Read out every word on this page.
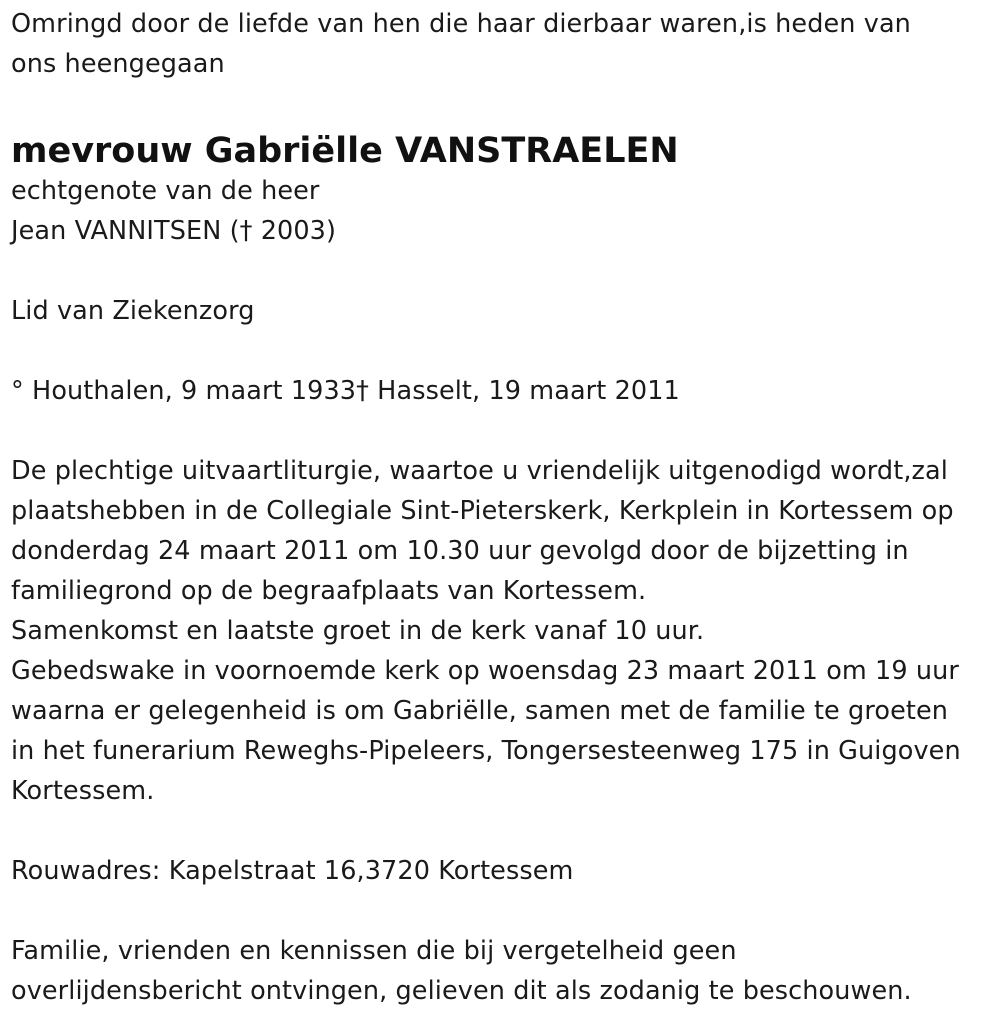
Omringd door de liefde van hen die haar dierbaar waren,is heden van
ons heengegaan
mevrouw Gabriëlle VANSTRAELEN
echtgenote van de heer
Jean VANNITSEN († 2003)
Lid van Ziekenzorg
° Houthalen, 9 maart 1933† Hasselt, 19 maart 2011
De plechtige uitvaartliturgie, waartoe u vriendelijk uitgenodigd wordt,zal
plaatshebben in de Collegiale Sint-Pieterskerk, Kerkplein in Kortessem op
donderdag 24 maart 2011 om 10.30 uur gevolgd door de bijzetting in
familiegrond op de begraafplaats van Kortessem.
Samenkomst en laatste groet in de kerk vanaf 10 uur.
Gebedswake in voornoemde kerk op woensdag 23 maart 2011 om 19 uur
waarna er gelegenheid is om Gabriëlle, samen met de familie te groeten
in het funerarium Reweghs-Pipeleers, Tongersesteenweg 175 in Guigoven
Kortessem.
Rouwadres: Kapelstraat 16,3720 Kortessem
Familie, vrienden en kennissen die bij vergetelheid geen
overlijdensbericht ontvingen, gelieven dit als zodanig te beschouwen.
